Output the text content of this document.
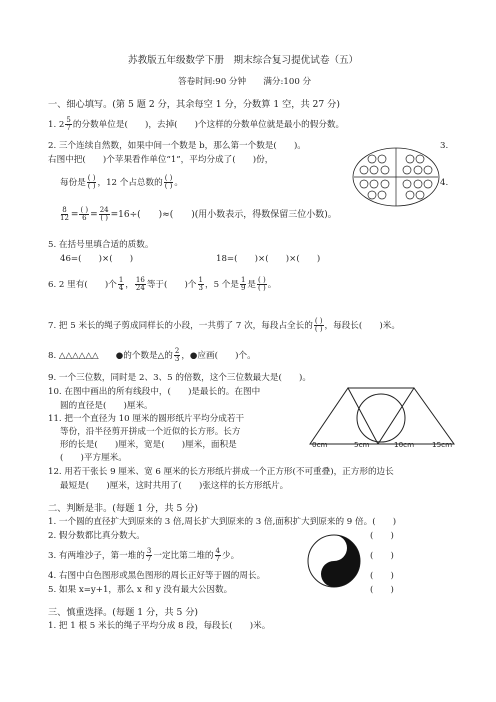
苏教版五年级数学下册　期末综合复习提优试卷（五）
答卷时间:90 分钟　　满分:100 分
一、细心填写。(第 5 题 2 分，其余每空 1 分，分数算 1 空，共 27 分)
1. $2 \frac{5}{7}$ 的分数单位是(　　)，去掉(　　)个这样的分数单位就是最小的假分数。
2. 三个连续自然数，如果中间一个数是 b，那么第一个数是(　　)。	3.
右图中把(　　)个苹果看作单位“1”，平均分成了(　　)份，
每份是 ( )
( ) ，12 个占总数的 ( )
( ) 。	4.
$\frac{8}{12}$ = ( )
6 = 24
( ) =16÷(　　)≈(　　)(用小数表示，得数保留三位小数)。
5. 在括号里填合适的质数。
46=(　　)×(　　)	18=(　　)×(　　)×(　　)
6. 2 里有(　　)个 $\frac{1}{4}$ ， $\frac{16}{24}$ 等于(　　)个 $\frac{1}{3}$ ，5 个是 $\frac{1}{9}$ 是 ( )
( ) 。
7. 把 5 米长的绳子剪成同样长的小段，一共剪了 7 次，每段占全长的 ( )
( ) ，每段长(　　)米。
8. △△△△△△　　●的个数是△的 $\frac{2}{3}$ ，●应画(　　)个。
9. 一个三位数，同时是 2、3、5 的倍数，这个三位数最大是(　　)。
10. 在图中画出的所有线段中，(　　)是最长的。在图中
圆的直径是(　　)厘米。
11. 把一个直径为 10 厘米的圆形纸片平均分成若干
等份，沿半径剪开拼成一个近似的长方形。长方
形的长是(　　)厘米，宽是(　　)厘米，面积是
(　　)平方厘米。
0cm	5cm	10cm 15cm
12. 用若干张长 9 厘米、宽 6 厘米的长方形纸片拼成一个正方形(不可重叠)，正方形的边长
最短是(　　)厘米，这时共用了(　　)张这样的长方形纸片。
二、判断是非。(每题 1 分，共 5 分)
1. 一个圆的直径扩大到原来的 3 倍,周长扩大到原来的 3 倍,面积扩大到原来的 9 倍。(　　)
2. 假分数都比真分数大。	(　　)
3. 有两堆沙子，第一堆的 $\frac{3}{7}$ 一定比第二堆的 $\frac{4}{7}$ 少。	(　　)
4. 右图中白色图形或黑色图形的周长正好等于圆的周长。	(　　)
5. 如果 x=y+1，那么 x 和 y 没有最大公因数。	(　　)
三、慎重选择。(每题 1 分，共 5 分)
1. 把 1 根 5 米长的绳子平均分成 8 段，每段长(　　)米。
